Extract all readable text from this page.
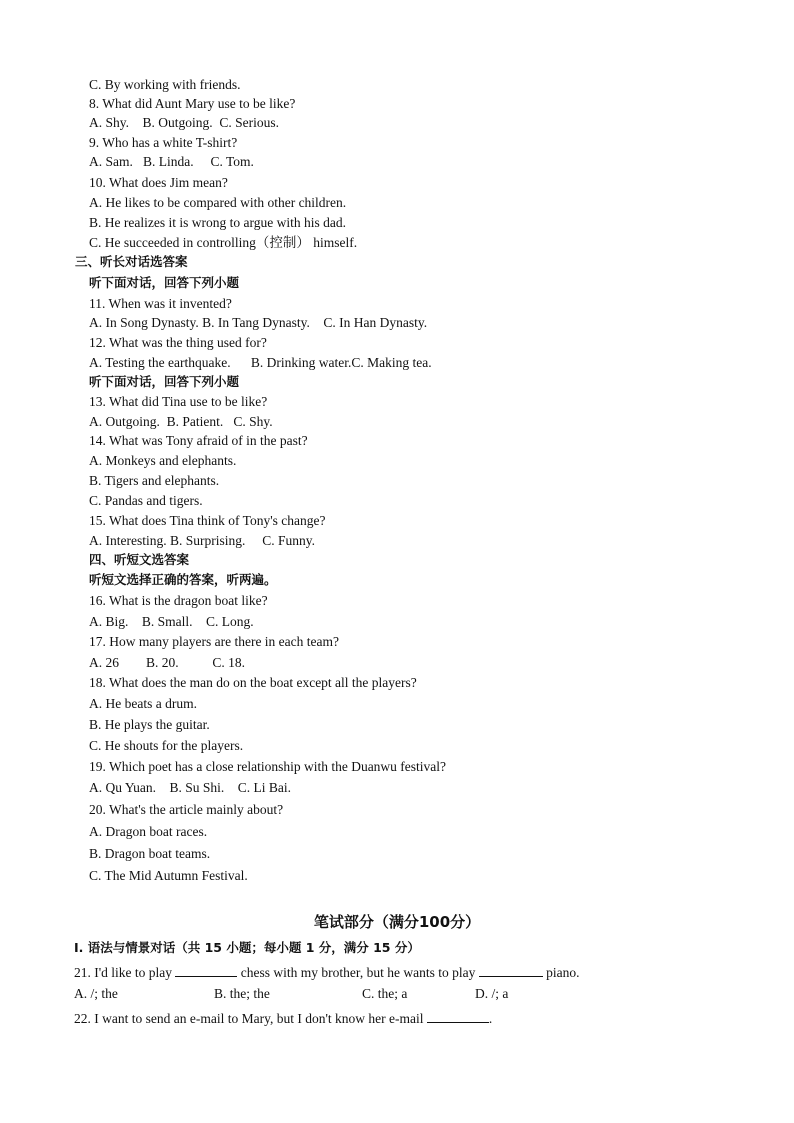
C. By working with friends.
8. What did Aunt Mary use to be like?
A. Shy.    B. Outgoing.  C. Serious.
9. Who has a white T-shirt?
A. Sam.   B. Linda.     C. Tom.
10. What does Jim mean?
A. He likes to be compared with other children.
B. He realizes it is wrong to argue with his dad.
C. He succeeded in controlling（控制） himself.
三、听长对话选答案
听下面对话，回答下列小题
11. When was it invented?
A. In Song Dynasty. B. In Tang Dynasty.    C. In Han Dynasty.
12. What was the thing used for?
A. Testing the earthquake.      B. Drinking water.C. Making tea.
听下面对话，回答下列小题
13. What did Tina use to be like?
A. Outgoing.  B. Patient.   C. Shy.
14. What was Tony afraid of in the past?
A. Monkeys and elephants.
B. Tigers and elephants.
C. Pandas and tigers.
15. What does Tina think of Tony's change?
A. Interesting. B. Surprising.     C. Funny.
四、听短文选答案
听短文选择正确的答案，听两遍。
16. What is the dragon boat like?
A. Big.    B. Small.    C. Long.
17. How many players are there in each team?
A. 26        B. 20.          C. 18.
18. What does the man do on the boat except all the players?
A. He beats a drum.
B. He plays the guitar.
C. He shouts for the players.
19. Which poet has a close relationship with the Duanwu festival?
A. Qu Yuan.    B. Su Shi.    C. Li Bai.
20. What's the article mainly about?
A. Dragon boat races.
B. Dragon boat teams.
C. The Mid Autumn Festival.
笔试部分（满分100分）
I. 语法与情景对话（共 15 小题；每小题 1 分，满分 15 分）
21. I'd like to play	chess with my brother, but he wants to play	piano.
A. /; the	B. the; the	C. the; a	D. /; a
22. I want to send an e-mail to Mary, but I don't know her e-mail	.
